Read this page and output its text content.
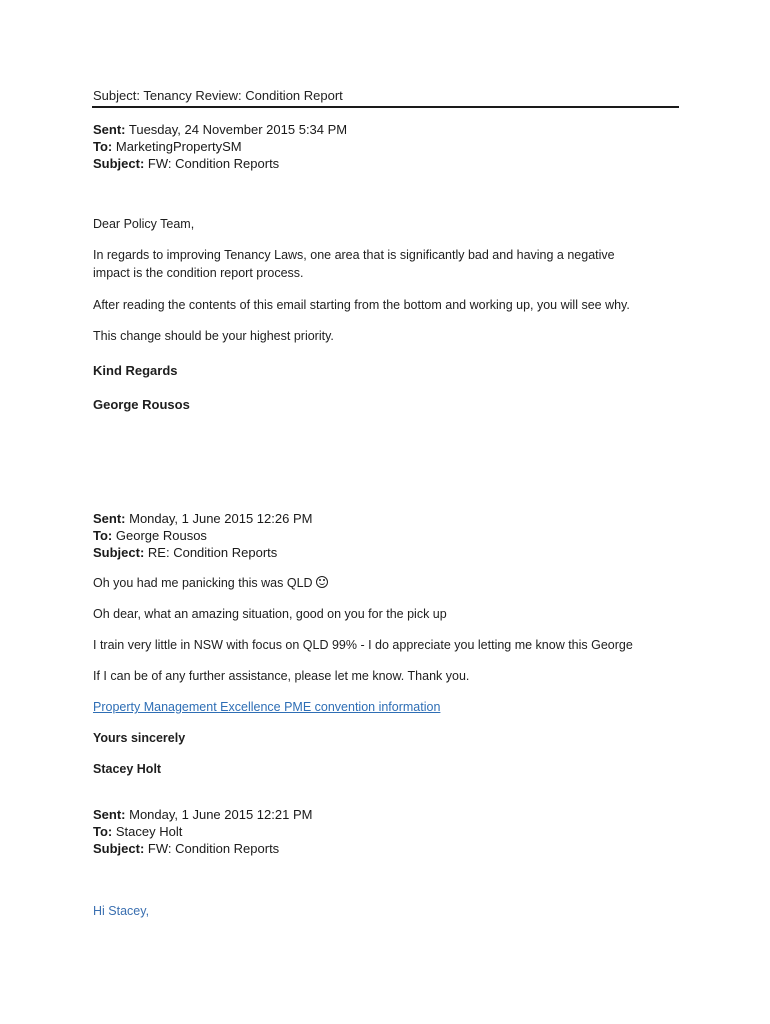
Subject: Tenancy Review: Condition Report
Sent: Tuesday, 24 November 2015 5:34 PM
To: MarketingPropertySM
Subject: FW: Condition Reports

Dear Policy Team,

In regards to improving Tenancy Laws, one area that is significantly bad and having a negative impact is the condition report process.

After reading the contents of this email starting from the bottom and working up, you will see why.

This change should be your highest priority.

Kind Regards

George Rousos

Sent: Monday, 1 June 2015 12:26 PM
To: George Rousos
Subject: RE: Condition Reports

Oh you had me panicking this was QLD

Oh dear, what an amazing situation, good on you for the pick up

I train very little in NSW with focus on QLD 99% - I do appreciate you letting me know this George

If I can be of any further assistance, please let me know. Thank you.

Property Management Excellence PME convention information

Yours sincerely

Stacey Holt

Sent: Monday, 1 June 2015 12:21 PM
To: Stacey Holt
Subject: FW: Condition Reports

Hi Stacey,
